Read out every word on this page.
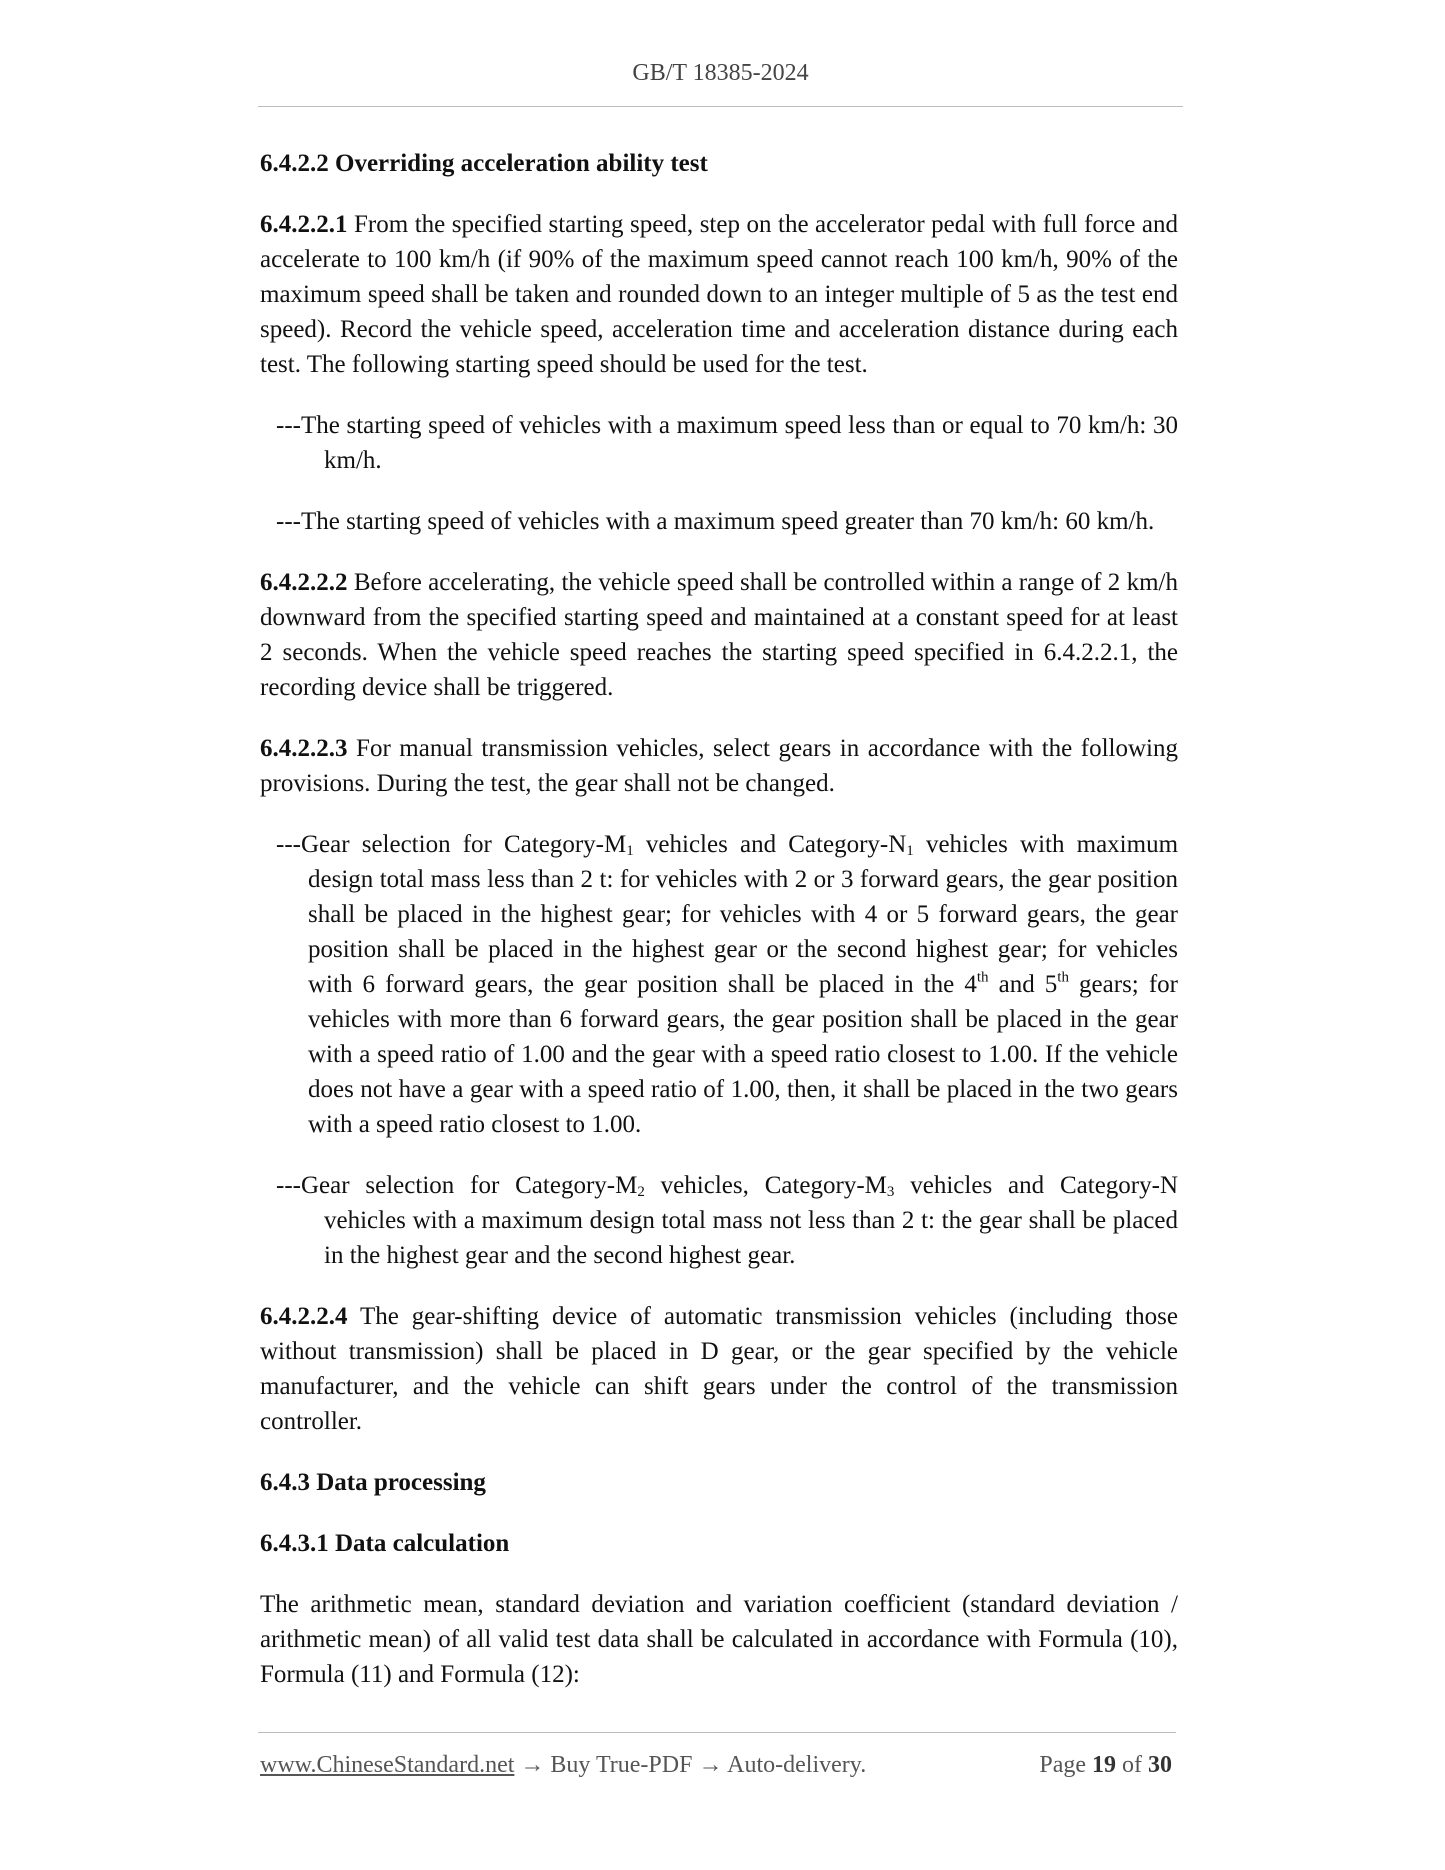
GB/T 18385-2024

6.4.2.2 Overriding acceleration ability test

6.4.2.2.1 From the specified starting speed, step on the accelerator pedal with full force and accelerate to 100 km/h (if 90% of the maximum speed cannot reach 100 km/h, 90% of the maximum speed shall be taken and rounded down to an integer multiple of 5 as the test end speed). Record the vehicle speed, acceleration time and acceleration distance during each test. The following starting speed should be used for the test.

---The starting speed of vehicles with a maximum speed less than or equal to 70 km/h: 30 km/h.

---The starting speed of vehicles with a maximum speed greater than 70 km/h: 60 km/h.

6.4.2.2.2 Before accelerating, the vehicle speed shall be controlled within a range of 2 km/h downward from the specified starting speed and maintained at a constant speed for at least 2 seconds. When the vehicle speed reaches the starting speed specified in 6.4.2.2.1, the recording device shall be triggered.

6.4.2.2.3 For manual transmission vehicles, select gears in accordance with the following provisions. During the test, the gear shall not be changed.

---Gear selection for Category-$M_1$ vehicles and Category-$N_1$ vehicles with maximum design total mass less than 2 t: for vehicles with 2 or 3 forward gears, the gear position shall be placed in the highest gear; for vehicles with 4 or 5 forward gears, the gear position shall be placed in the highest gear or the second highest gear; for vehicles with 6 forward gears, the gear position shall be placed in the 4th and 5th gears; for vehicles with more than 6 forward gears, the gear position shall be placed in the gear with a speed ratio of 1.00 and the gear with a speed ratio closest to 1.00. If the vehicle does not have a gear with a speed ratio of 1.00, then, it shall be placed in the two gears with a speed ratio closest to 1.00.

---Gear selection for Category-$M_2$ vehicles, Category-$M_3$ vehicles and Category-N vehicles with a maximum design total mass not less than 2 t: the gear shall be placed in the highest gear and the second highest gear.

6.4.2.2.4 The gear-shifting device of automatic transmission vehicles (including those without transmission) shall be placed in D gear, or the gear specified by the vehicle manufacturer, and the vehicle can shift gears under the control of the transmission controller.

6.4.3 Data processing

6.4.3.1 Data calculation

The arithmetic mean, standard deviation and variation coefficient (standard deviation / arithmetic mean) of all valid test data shall be calculated in accordance with Formula (10), Formula (11) and Formula (12):

www.ChineseStandard.net → Buy True-PDF → Auto-delivery.	Page 19 of 30
